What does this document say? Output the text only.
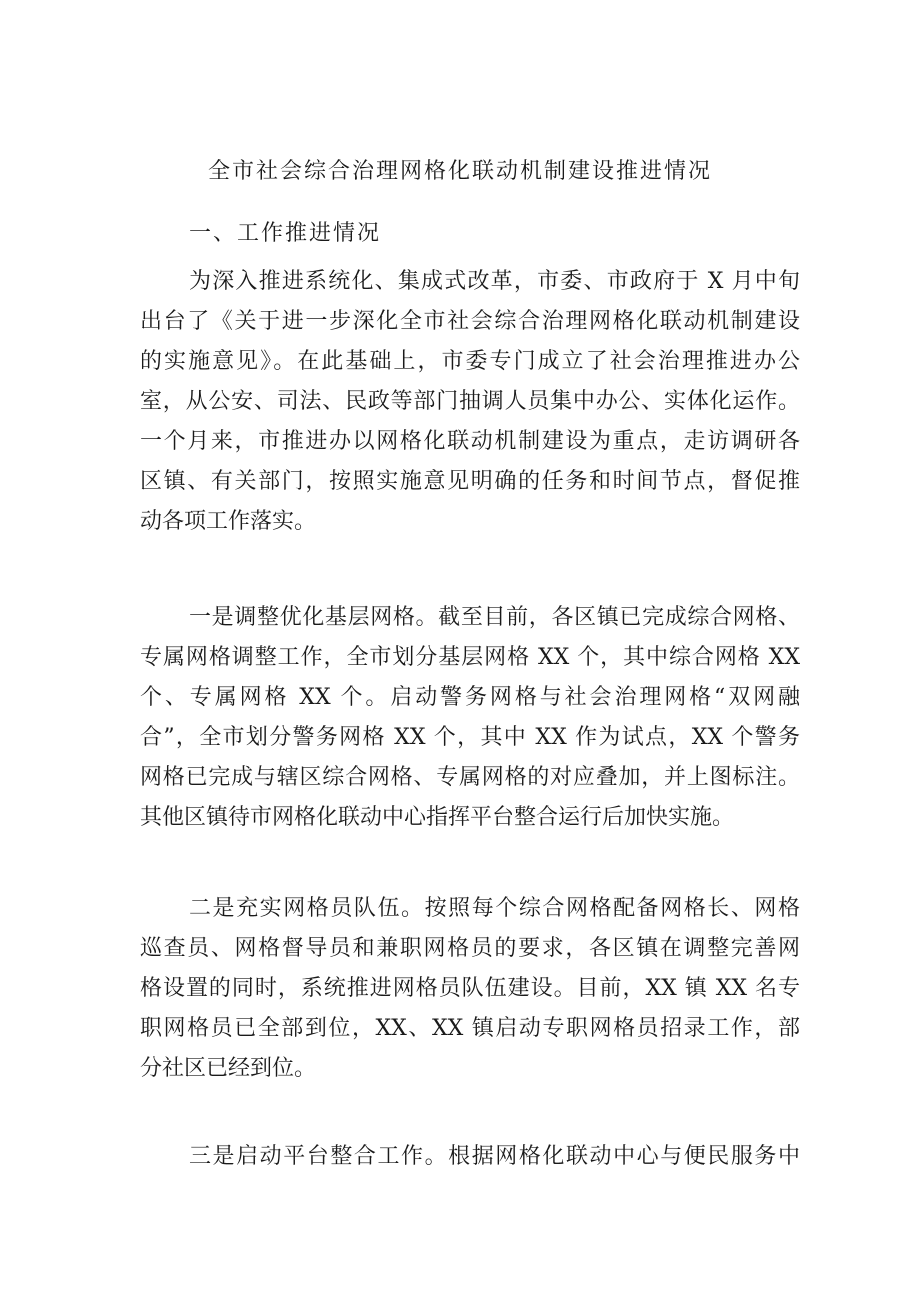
全市社会综合治理网格化联动机制建设推进情况
一、工作推进情况
为深入推进系统化、集成式改革，市委、市政府于 X 月中旬
出台了《关于进一步深化全市社会综合治理网格化联动机制建设
的实施意见》。在此基础上，市委专门成立了社会治理推进办公
室，从公安、司法、民政等部门抽调人员集中办公、实体化运作。
一个月来，市推进办以网格化联动机制建设为重点，走访调研各
区镇、有关部门，按照实施意见明确的任务和时间节点，督促推
动各项工作落实。
一是调整优化基层网格。截至目前，各区镇已完成综合网格、
专属网格调整工作，全市划分基层网格 XX 个，其中综合网格 XX
个、专属网格 XX 个。启动警务网格与社会治理网格“双网融
合”，全市划分警务网格 XX 个，其中 XX 作为试点，XX 个警务
网格已完成与辖区综合网格、专属网格的对应叠加，并上图标注。
其他区镇待市网格化联动中心指挥平台整合运行后加快实施。
二是充实网格员队伍。按照每个综合网格配备网格长、网格
巡查员、网格督导员和兼职网格员的要求，各区镇在调整完善网
格设置的同时，系统推进网格员队伍建设。目前，XX 镇 XX 名专
职网格员已全部到位，XX、XX 镇启动专职网格员招录工作，部
分社区已经到位。
三是启动平台整合工作。根据网格化联动中心与便民服务中
